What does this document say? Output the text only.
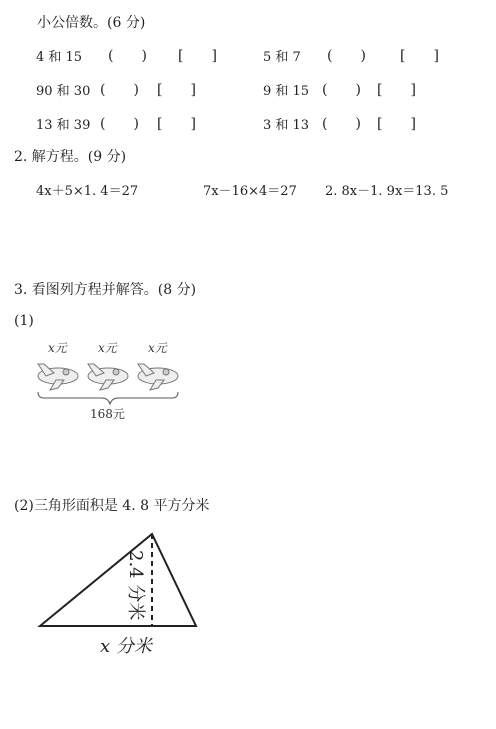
小公倍数。(6 分)
4 和 15 (　　) [　　]	5 和 7 (　　) [　　]
90 和 30 (　　) [　　]	9 和 15 (　　) [　　]
13 和 39 (　　) [　　]	3 和 13 (　　) [　　]
2. 解方程。(9 分)
4x＋5×1. 4＝27	7x－16×4＝27 2. 8x－1. 9x＝13. 5
3. 看图列方程并解答。(8 分)
(1)
x元	x元	x元
168元
(2)三角形面积是 4. 8 平方分米
2.4 分米
x 分米
